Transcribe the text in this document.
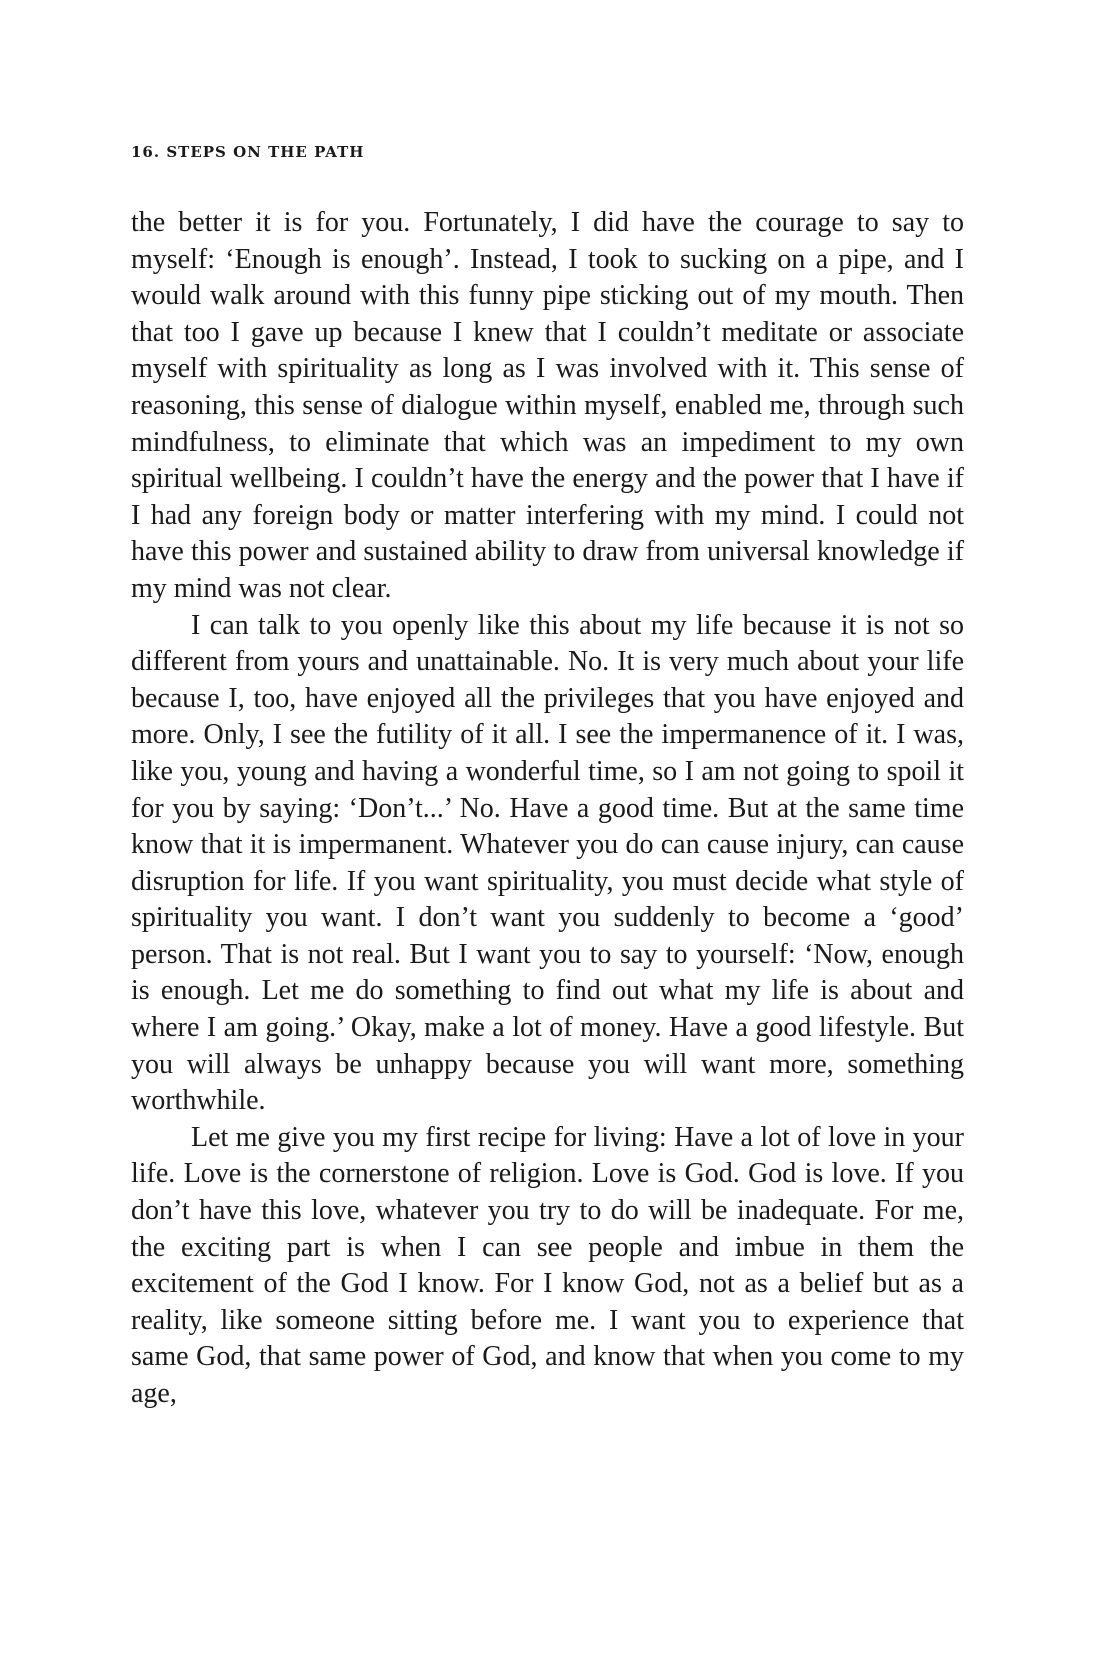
16. STEPS ON THE PATH

the better it is for you. Fortunately, I did have the courage to say to myself: ‘Enough is enough’. Instead, I took to sucking on a pipe, and I would walk around with this funny pipe sticking out of my mouth. Then that too I gave up because I knew that I couldn’t meditate or associate myself with spirituality as long as I was involved with it. This sense of reasoning, this sense of dialogue within myself, enabled me, through such mindfulness, to eliminate that which was an impediment to my own spiritual wellbeing. I couldn’t have the energy and the power that I have if I had any foreign body or matter interfering with my mind. I could not have this power and sustained ability to draw from universal knowledge if my mind was not clear.

I can talk to you openly like this about my life because it is not so different from yours and unattainable. No. It is very much about your life because I, too, have enjoyed all the privileges that you have enjoyed and more. Only, I see the futility of it all. I see the impermanence of it. I was, like you, young and having a wonderful time, so I am not going to spoil it for you by saying: ‘Don’t...’ No. Have a good time. But at the same time know that it is impermanent. Whatever you do can cause injury, can cause disruption for life. If you want spirituality, you must decide what style of spirituality you want. I don’t want you suddenly to become a ‘good’ person. That is not real. But I want you to say to yourself: ‘Now, enough is enough. Let me do something to find out what my life is about and where I am going.’ Okay, make a lot of money. Have a good lifestyle. But you will always be unhappy because you will want more, something worthwhile.

Let me give you my first recipe for living: Have a lot of love in your life. Love is the cornerstone of religion. Love is God. God is love. If you don’t have this love, whatever you try to do will be inadequate. For me, the exciting part is when I can see people and imbue in them the excitement of the God I know. For I know God, not as a belief but as a reality, like someone sitting before me. I want you to experience that same God, that same power of God, and know that when you come to my age,
